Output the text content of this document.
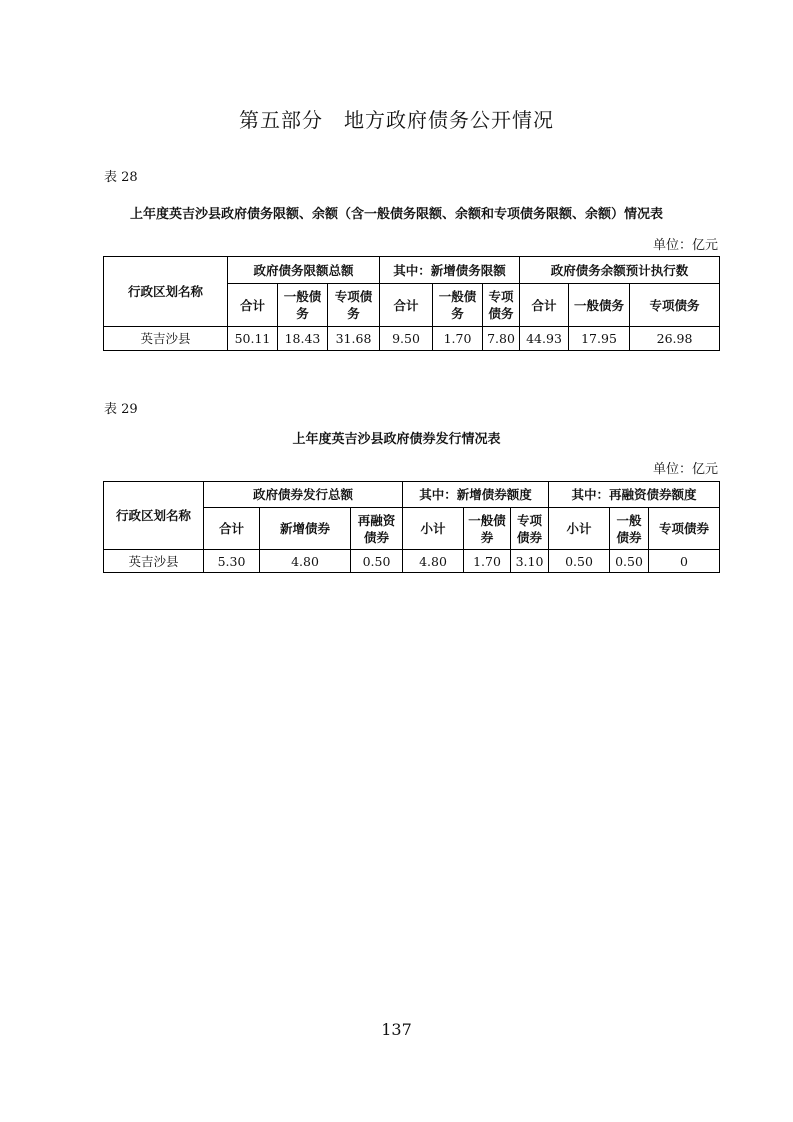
第五部分　地方政府债务公开情况
表 28
上年度英吉沙县政府债务限额、余额（含一般债务限额、余额和专项债务限额、余额）情况表
单位：亿元
行政区划名称	政府债务限额总额			其中：新增债务限额			政府债务余额预计执行数		
	合计	一般债务	专项债务	合计	一般债务	专项债务	合计	一般债务	专项债务
英吉沙县	50.11	18.43	31.68	9.50	1.70	7.80	44.93	17.95	26.98
表 29
上年度英吉沙县政府债券发行情况表
单位：亿元
行政区划名称	政府债券发行总额			其中：新增债券额度			其中：再融资债券额度		
	合计	新增债券	再融资债券	小计	一般债券	专项债券	小计	一般债券	专项债券
英吉沙县	5.30	4.80	0.50	4.80	1.70	3.10	0.50	0.50	0
137
